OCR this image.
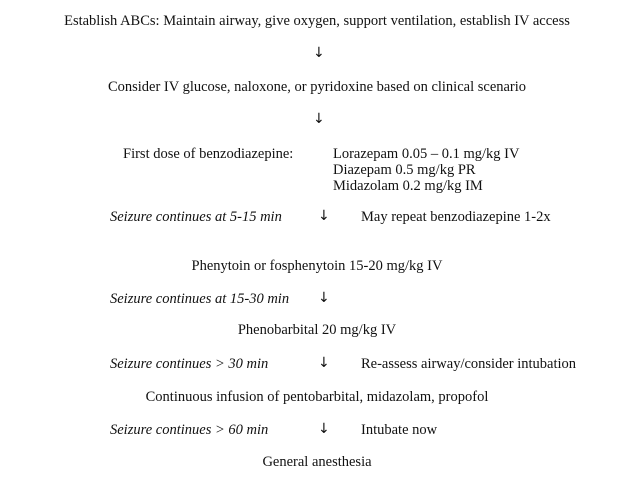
Establish ABCs: Maintain airway, give oxygen, support ventilation, establish IV access
↓
Consider IV glucose, naloxone, or pyridoxine based on clinical scenario
↓
First dose of benzodiazepine:	Lorazepam 0.05 – 0.1 mg/kg IV
Diazepam 0.5 mg/kg PR
Midazolam 0.2 mg/kg IM
Seizure continues at 5-15 min	↓ May repeat benzodiazepine 1-2x
Phenytoin or fosphenytoin 15-20 mg/kg IV
Seizure continues at 15-30 min ↓
Phenobarbital 20 mg/kg IV
Seizure continues > 30 min	↓ Re-assess airway/consider intubation
Continuous infusion of pentobarbital, midazolam, propofol
Seizure continues > 60 min	↓ Intubate now
General anesthesia
